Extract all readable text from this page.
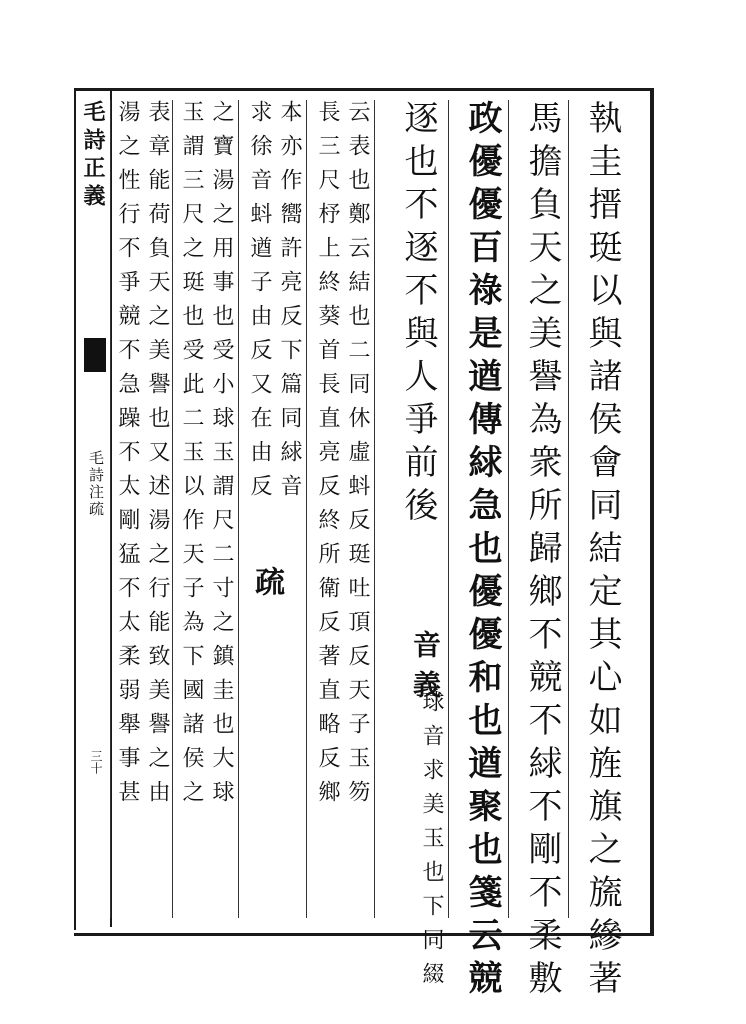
毛詩正義
毛詩注疏
三十	執圭搢珽以與諸侯會同結定其心如旌旗之旒縿著
馬擔負天之美譽為衆所歸鄉不競不絿不剛不柔敷
政優優百祿是遒傳絿急也優優和也遒聚也箋云競
逐也不逐不與人爭前後
音義
球音求美玉也下同綴
云表也鄭云結也二同休虛蚪反珽吐頂反天子玉笏
長三尺杼上終葵首長直亮反終所衛反著直略反鄉
本亦作嚮許亮反下篇同絿音
求徐音蚪遒子由反又在由反
疏
之寶湯之用事也受小球玉謂尺二寸之鎮圭也大球
玉謂三尺之珽也受此二玉以作天子為下國諸侯之
表章能荷負天之美譽也又述湯之行能致美譽之由
湯之性行不爭競不急躁不太剛猛不太柔弱舉事甚
